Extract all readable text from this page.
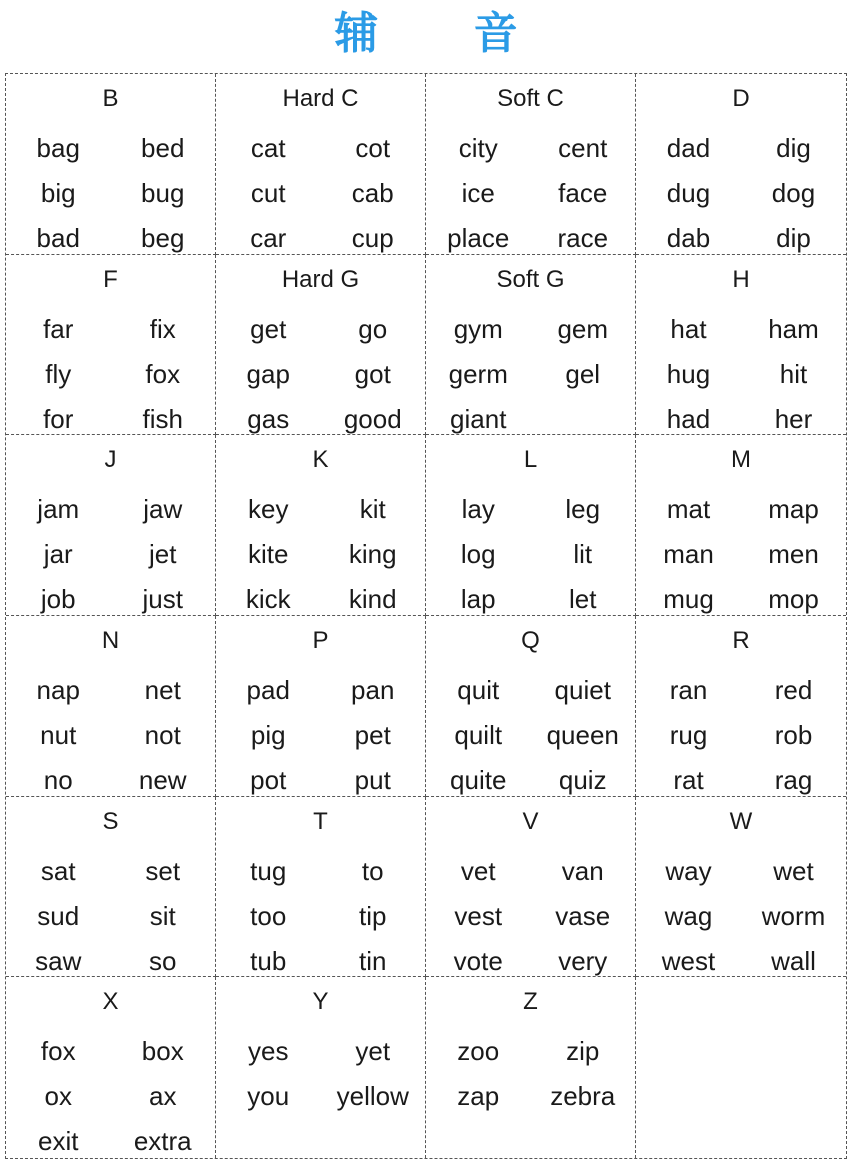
辅 音
B
bag	bed
big	bug
bad	beg
Hard C
cat	cot
cut	cab
car	cup
Soft C
city	cent
ice	face
place	race
D
dad	dig
dug	dog
dab	dip
F
far	fix
fly	fox
for	fish
Hard G
get	go
gap	got
gas	good
Soft G
gym	gem
germ	gel
giant
H
hat	ham
hug	hit
had	her
J
jam	jaw
jar	jet
job	just
K
key	kit
kite	king
kick	kind
L
lay	leg
log	lit
lap	let
M
mat	map
man	men
mug	mop
N
nap	net
nut	not
no	new
P
pad	pan
pig	pet
pot	put
Q
quit	quiet
quilt	queen
quite	quiz
R
ran	red
rug	rob
rat	rag
S
sat	set
sud	sit
saw	so
T
tug	to
too	tip
tub	tin
V
vet	van
vest	vase
vote	very
W
way	wet
wag	worm
west	wall
X
fox	box
ox	ax
exit	extra
Y
yes	yet
you	yellow
Z
zoo	zip
zap	zebra
